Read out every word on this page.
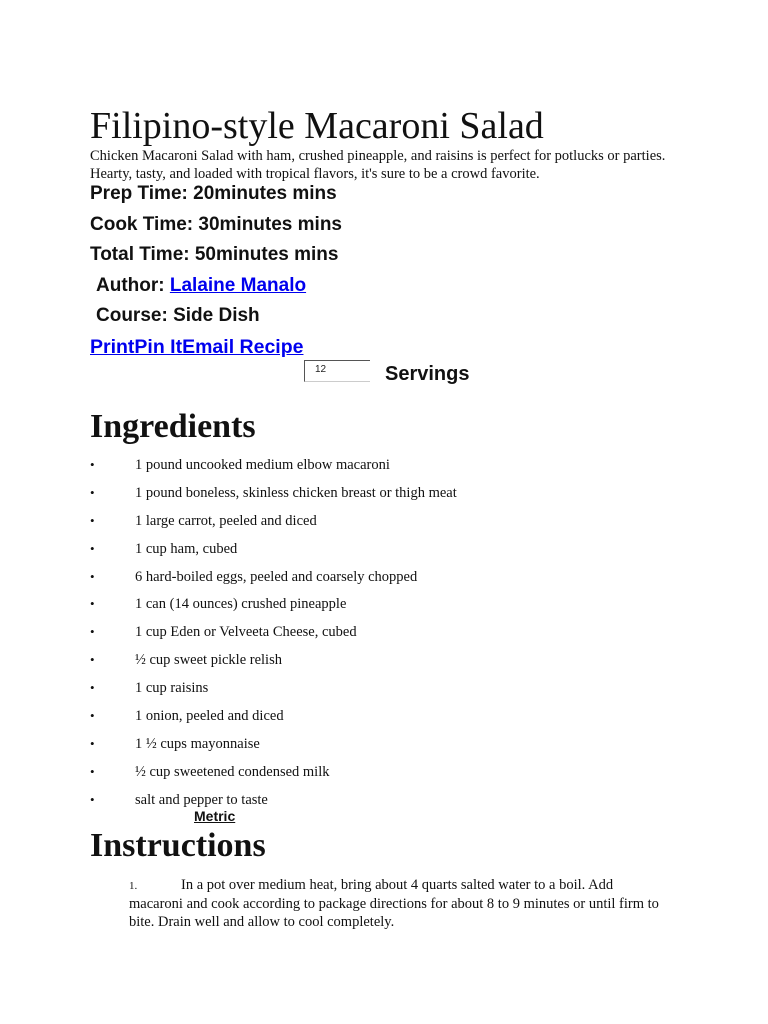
Filipino-style Macaroni Salad
Chicken Macaroni Salad with ham, crushed pineapple, and raisins is perfect for potlucks or parties. Hearty, tasty, and loaded with tropical flavors, it's sure to be a crowd favorite.
Prep Time: 20minutes mins
Cook Time: 30minutes mins
Total Time: 50minutes mins
Author: Lalaine Manalo
Course: Side Dish
PrintPin ItEmail Recipe
12	Servings
Ingredients
•	1 pound uncooked medium elbow macaroni
•	1 pound boneless, skinless chicken breast or thigh meat
•	1 large carrot, peeled and diced
•	1 cup ham, cubed
•	6 hard-boiled eggs, peeled and coarsely chopped
•	1 can (14 ounces) crushed pineapple
•	1 cup Eden or Velveeta Cheese, cubed
•	½ cup sweet pickle relish
•	1 cup raisins
•	1 onion, peeled and diced
•	1 ½ cups mayonnaise
•	½ cup sweetened condensed milk
•	salt and pepper to taste
Metric
Instructions
1.	In a pot over medium heat, bring about 4 quarts salted water to a boil. Add macaroni and cook according to package directions for about 8 to 9 minutes or until firm to bite. Drain well and allow to cool completely.
